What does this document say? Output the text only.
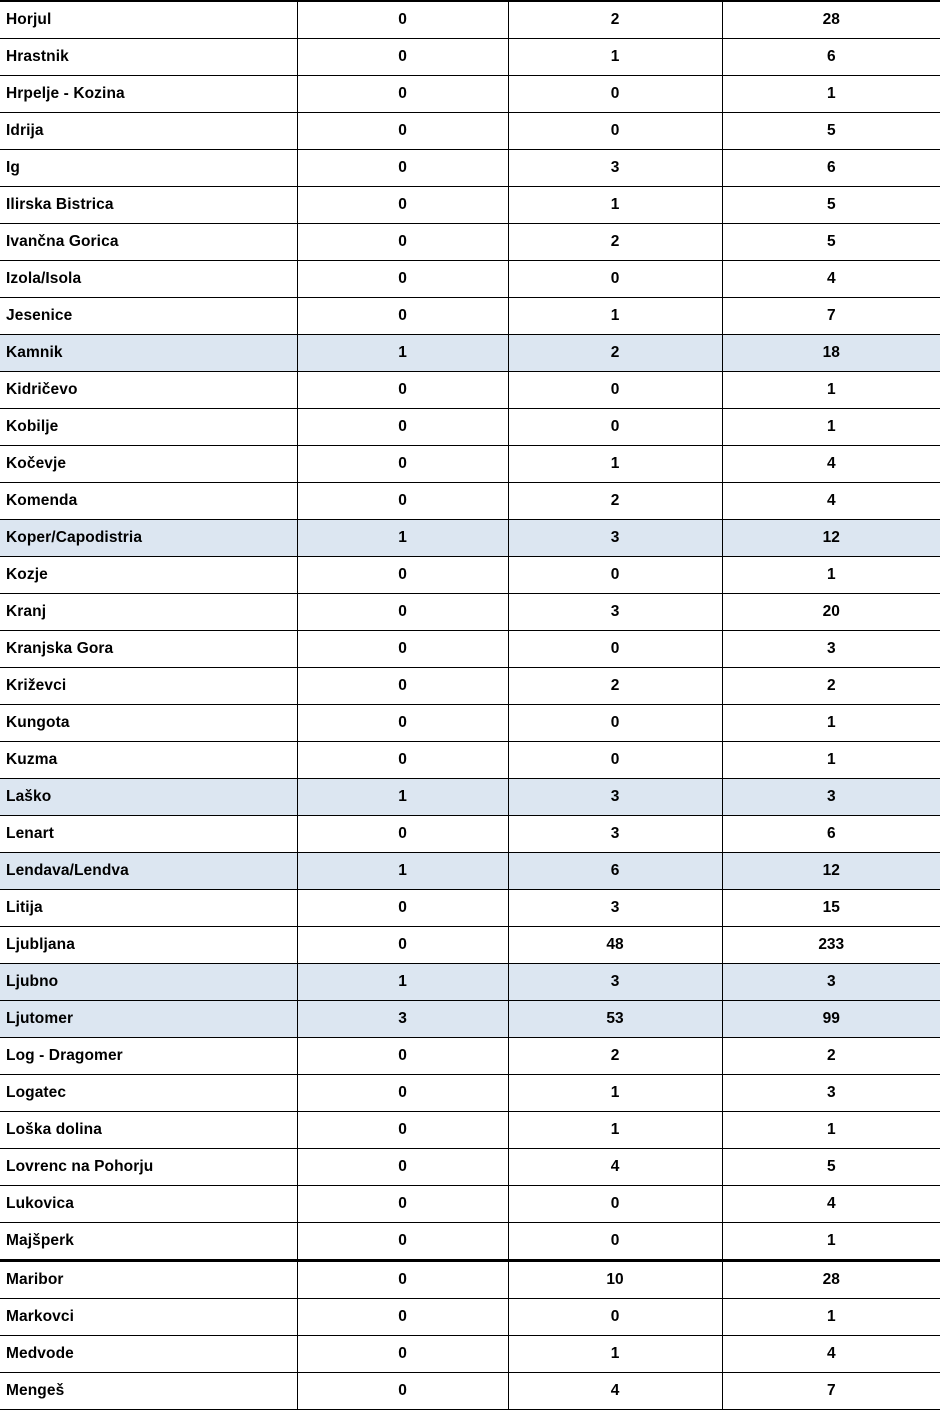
Horjul	0	2	28
Hrastnik	0	1	6
Hrpelje - Kozina	0	0	1
Idrija	0	0	5
Ig	0	3	6
Ilirska Bistrica	0	1	5
Ivančna Gorica	0	2	5
Izola/Isola	0	0	4
Jesenice	0	1	7
Kamnik	1	2	18
Kidričevo	0	0	1
Kobilje	0	0	1
Kočevje	0	1	4
Komenda	0	2	4
Koper/Capodistria	1	3	12
Kozje	0	0	1
Kranj	0	3	20
Kranjska Gora	0	0	3
Križevci	0	2	2
Kungota	0	0	1
Kuzma	0	0	1
Laško	1	3	3
Lenart	0	3	6
Lendava/Lendva	1	6	12
Litija	0	3	15
Ljubljana	0	48	233
Ljubno	1	3	3
Ljutomer	3	53	99
Log - Dragomer	0	2	2
Logatec	0	1	3
Loška dolina	0	1	1
Lovrenc na Pohorju	0	4	5
Lukovica	0	0	4
Majšperk	0	0	1
Maribor	0	10	28
Markovci	0	0	1
Medvode	0	1	4
Mengeš	0	4	7
